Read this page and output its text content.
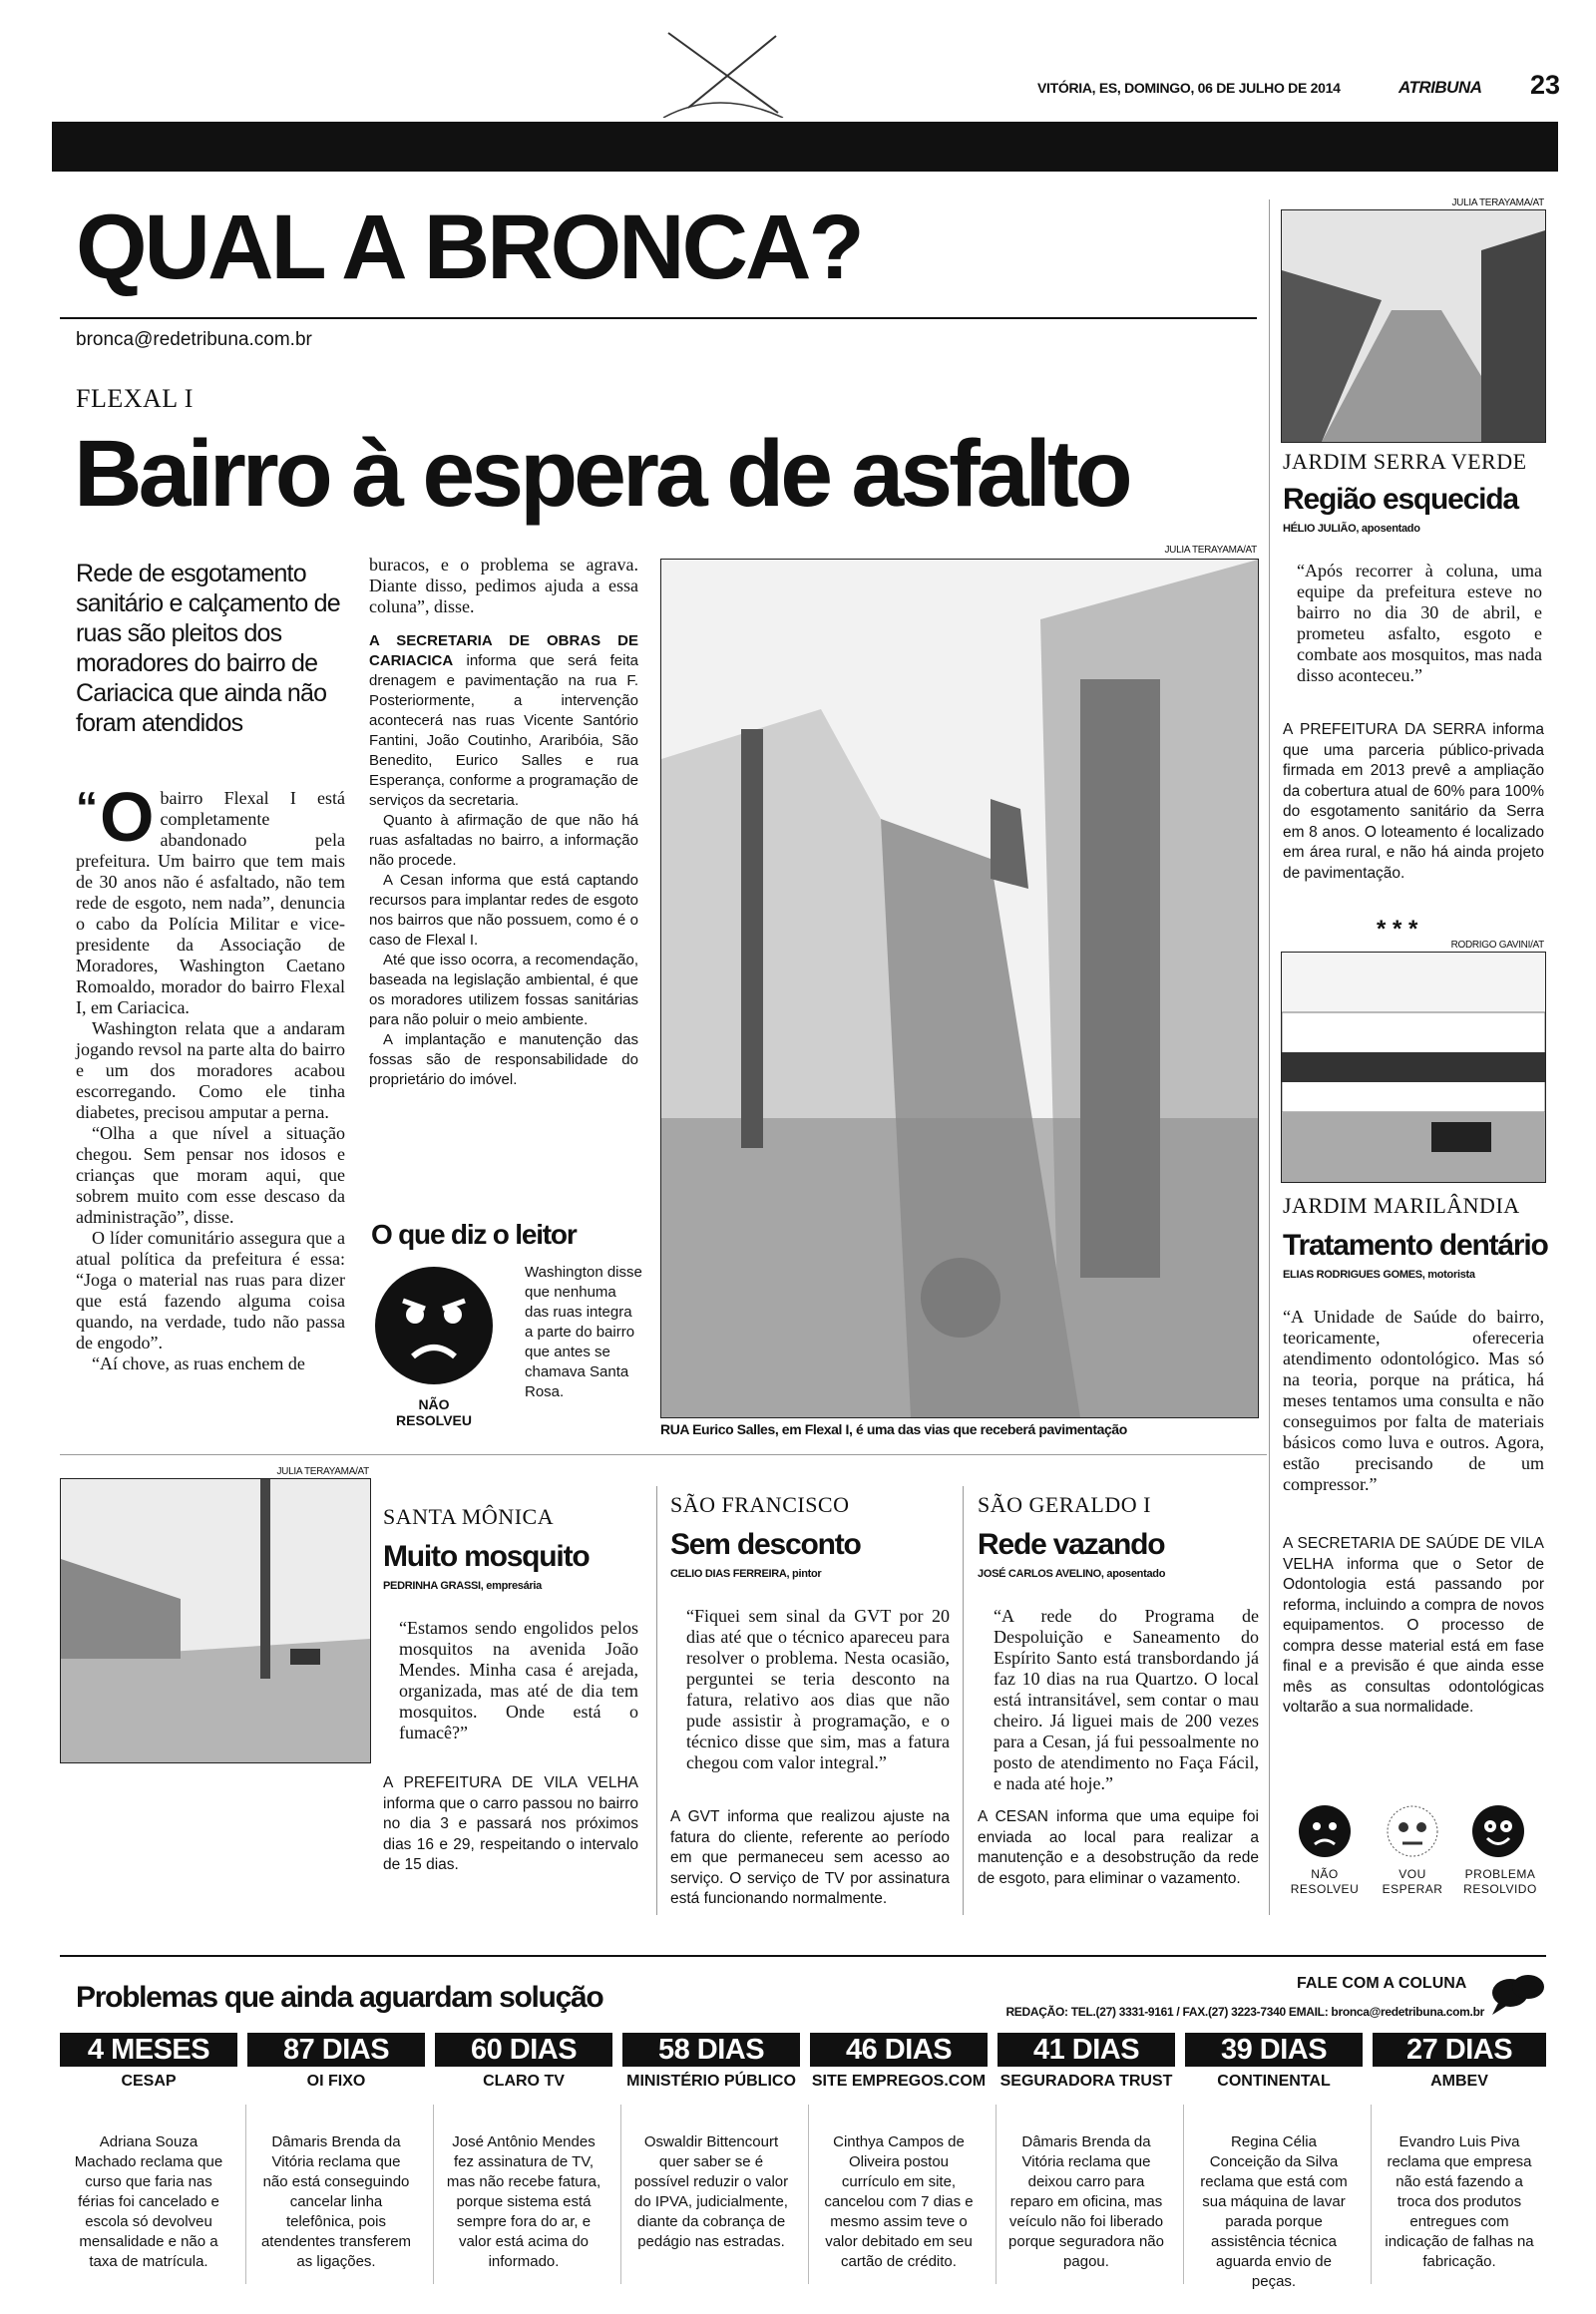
VITÓRIA, ES, DOMINGO, 06 DE JULHO DE 2014	ATRIBUNA 23
QUAL A BRONCA?
bronca@redetribuna.com.br
FLEXAL I
Bairro à espera de asfalto
Rede de esgotamento sanitário e calçamento de ruas são pleitos dos moradores do bairro de Cariacica que ainda não foram atendidos
“ O bairro Flexal I está completamente abandonado pela prefeitura. Um bairro que tem mais de 30 anos não é asfaltado, não tem rede de esgoto, nem nada”, denuncia o cabo da Polícia Militar e vice-presidente da Associação de Moradores, Washington Caetano Romoaldo, morador do bairro Flexal I, em Cariacica.
Washington relata que a andaram jogando revsol na parte alta do bairro e um dos moradores acabou escorregando. Como ele tinha diabetes, precisou amputar a perna.
“Olha a que nível a situação chegou. Sem pensar nos idosos e crianças que moram aqui, que sobrem muito com esse descaso da administração”, disse.
O líder comunitário assegura que a atual política da prefeitura é essa: “Joga o material nas ruas para dizer que está fazendo alguma coisa quando, na verdade, tudo não passa de engodo”.
“Aí chove, as ruas enchem de
buracos, e o problema se agrava. Diante disso, pedimos ajuda a essa coluna”, disse.
A SECRETARIA DE OBRAS DE CARIACICA informa que será feita drenagem e pavimentação na rua F. Posteriormente, a intervenção acontecerá nas ruas Vicente Santório Fantini, João Coutinho, Araribóia, São Benedito, Eurico Salles e rua Esperança, conforme a programação de serviços da secretaria.
Quanto à afirmação de que não há ruas asfaltadas no bairro, a informação não procede.
A Cesan informa que está captando recursos para implantar redes de esgoto nos bairros que não possuem, como é o caso de Flexal I.
Até que isso ocorra, a recomendação, baseada na legislação ambiental, é que os moradores utilizem fossas sanitárias para não poluir o meio ambiente.
A implantação e manutenção das fossas são de responsabilidade do proprietário do imóvel.
O que diz o leitor
NÃO RESOLVEU
Washington disse que nenhuma das ruas integra a parte do bairro que antes se chamava Santa Rosa.
JULIA TERAYAMA/AT
RUA Eurico Salles, em Flexal I, é uma das vias que receberá pavimentação
JULIA TERAYAMA/AT
JARDIM SERRA VERDE
Região esquecida
HÉLIO JULIÃO, aposentado
“Após recorrer à coluna, uma equipe da prefeitura esteve no bairro no dia 30 de abril, e prometeu asfalto, esgoto e combate aos mosquitos, mas nada disso aconteceu.”
A PREFEITURA DA SERRA informa que uma parceria público-privada firmada em 2013 prevê a ampliação da cobertura atual de 60% para 100% do esgotamento sanitário da Serra em 8 anos. O loteamento é localizado em área rural, e não há ainda projeto de pavimentação.
* * *
RODRIGO GAVINI/AT
JARDIM MARILÂNDIA
Tratamento dentário
ELIAS RODRIGUES GOMES, motorista
“A Unidade de Saúde do bairro, teoricamente, ofereceria atendimento odontológico. Mas só na teoria, porque na prática, há meses tentamos uma consulta e não conseguimos por falta de materiais básicos como luva e outros. Agora, estão precisando de um compressor.”
A SECRETARIA DE SAÚDE DE VILA VELHA informa que o Setor de Odontologia está passando por reforma, incluindo a compra de novos equipamentos. O processo de compra desse material está em fase final e a previsão é que ainda esse mês as consultas odontológicas voltarão a sua normalidade.
NÃO RESOLVEU
VOU ESPERAR
PROBLEMA RESOLVIDO
JULIA TERAYAMA/AT
SANTA MÔNICA
Muito mosquito
PEDRINHA GRASSI, empresária
“Estamos sendo engolidos pelos mosquitos na avenida João Mendes. Minha casa é arejada, organizada, mas até de dia tem mosquitos. Onde está o fumacê?”
A PREFEITURA DE VILA VELHA informa que o carro passou no bairro no dia 3 e passará nos próximos dias 16 e 29, respeitando o intervalo de 15 dias.
SÃO FRANCISCO
Sem desconto
CELIO DIAS FERREIRA, pintor
“Fiquei sem sinal da GVT por 20 dias até que o técnico apareceu para resolver o problema. Nesta ocasião, perguntei se teria desconto na fatura, relativo aos dias que não pude assistir à programação, e o técnico disse que sim, mas a fatura chegou com valor integral.”
A GVT informa que realizou ajuste na fatura do cliente, referente ao período em que permaneceu sem acesso ao serviço. O serviço de TV por assinatura está funcionando normalmente.
SÃO GERALDO I
Rede vazando
JOSÉ CARLOS AVELINO, aposentado
“A rede do Programa de Despoluição e Saneamento do Espírito Santo está transbordando já faz 10 dias na rua Quartzo. O local está intransitável, sem contar o mau cheiro. Já liguei mais de 200 vezes para a Cesan, já fui pessoalmente no posto de atendimento no Faça Fácil, e nada até hoje.”
A CESAN informa que uma equipe foi enviada ao local para realizar a manutenção e a desobstrução da rede de esgoto, para eliminar o vazamento.
Problemas que ainda aguardam solução	FALE COM A COLUNA
REDAÇÃO: TEL.(27) 3331-9161 / FAX.(27) 3223-7340 EMAIL: bronca@redetribuna.com.br
4 MESES
CESAP
Adriana Souza Machado reclama que curso que faria nas férias foi cancelado e escola só devolveu mensalidade e não a taxa de matrícula.
87 DIAS
OI FIXO
Dâmaris Brenda da Vitória reclama que não está conseguindo cancelar linha telefônica, pois atendentes transferem as ligações.
60 DIAS
CLARO TV
José Antônio Mendes fez assinatura de TV, mas não recebe fatura, porque sistema está sempre fora do ar, e valor está acima do informado.
58 DIAS
MINISTÉRIO PÚBLICO
Oswaldir Bittencourt quer saber se é possível reduzir o valor do IPVA, judicialmente, diante da cobrança de pedágio nas estradas.
46 DIAS
SITE EMPREGOS.COM
Cinthya Campos de Oliveira postou currículo em site, cancelou com 7 dias e mesmo assim teve o valor debitado em seu cartão de crédito.
41 DIAS
SEGURADORA TRUST
Dâmaris Brenda da Vitória reclama que deixou carro para reparo em oficina, mas veículo não foi liberado porque seguradora não pagou.
39 DIAS
CONTINENTAL
Regina Célia Conceição da Silva reclama que está com sua máquina de lavar parada porque assistência técnica aguarda envio de peças.
27 DIAS
AMBEV
Evandro Luis Piva reclama que empresa não está fazendo a troca dos produtos entregues com indicação de falhas na fabricação.
